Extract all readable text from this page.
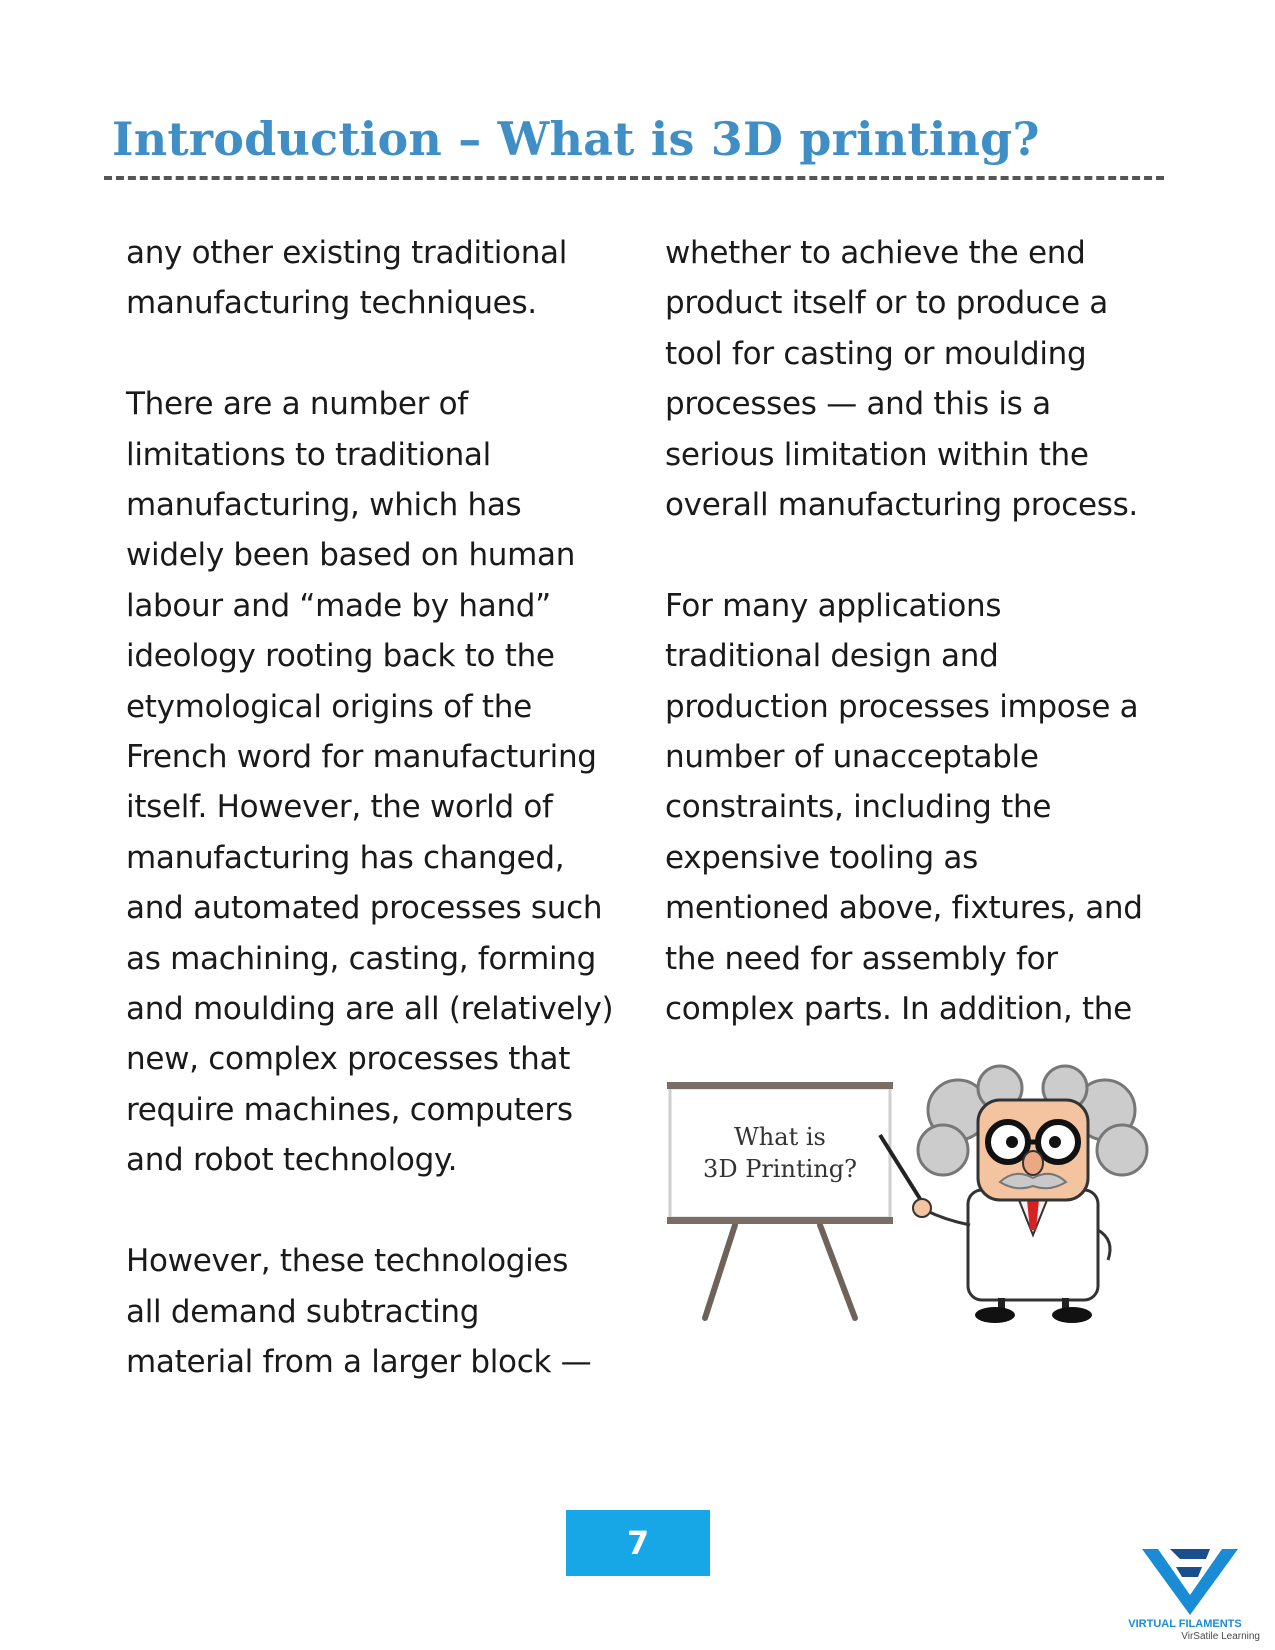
Introduction – What is 3D printing?

any other existing traditional
manufacturing techniques.

There are a number of
limitations to traditional
manufacturing, which has
widely been based on human
labour and “made by hand”
ideology rooting back to the
etymological origins of the
French word for manufacturing
itself. However, the world of
manufacturing has changed,
and automated processes such
as machining, casting, forming
and moulding are all (relatively)
new, complex processes that
require machines, computers
and robot technology.

However, these technologies
all demand subtracting
material from a larger block —

whether to achieve the end
product itself or to produce a
tool for casting or moulding
processes — and this is a
serious limitation within the
overall manufacturing process.

For many applications
traditional design and
production processes impose a
number of unacceptable
constraints, including the
expensive tooling as
mentioned above, fixtures, and
the need for assembly for
complex parts. In addition, the

What is
3D Printing?
7
VIRTUAL FILAMENTS
VirSatile Learning
